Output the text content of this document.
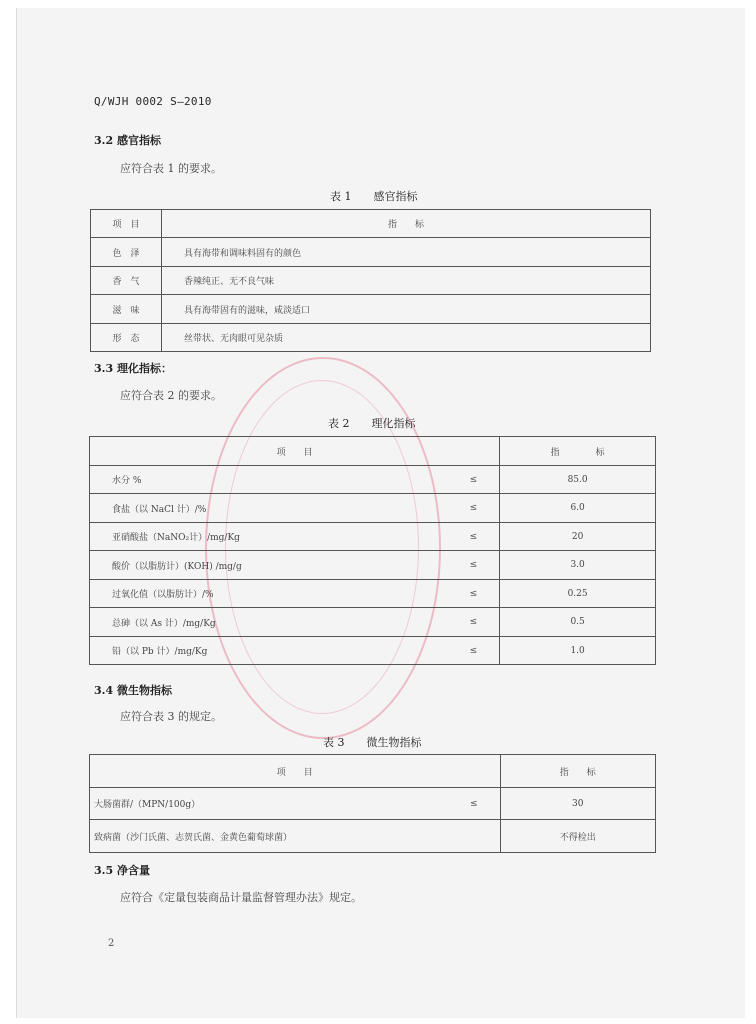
Q/WJH 0002 S—2010
3.2 感官指标
应符合表 1 的要求。
表 1　　感官指标
项　目	指　　标
色　泽	具有海带和调味料固有的颜色
香　气	香辣纯正、无不良气味
滋　味	具有海带固有的滋味，咸淡适口
形　态	丝带状、无肉眼可见杂质
3.3 理化指标：
应符合表 2 的要求。
表 2　　理化指标
项　　目		指　　　　标
水分 %	≤	85.0
食盐（以 NaCl 计）/%	≤	6.0
亚硝酸盐（NaNO₂计）/mg/Kg	≤	20
酸价（以脂肪计）(KOH) /mg/g	≤	3.0
过氧化值（以脂肪计）/%	≤	0.25
总砷（以 As 计）/mg/Kg	≤	0.5
铅（以 Pb 计）/mg/Kg	≤	1.0
3.4 微生物指标
应符合表 3 的规定。
表 3　　微生物指标
项　　目		指　　标
大肠菌群/（MPN/100g）	≤	30
致病菌（沙门氏菌、志贺氏菌、金黄色葡萄球菌）		不得检出
3.5 净含量
应符合《定量包装商品计量监督管理办法》规定。
2
